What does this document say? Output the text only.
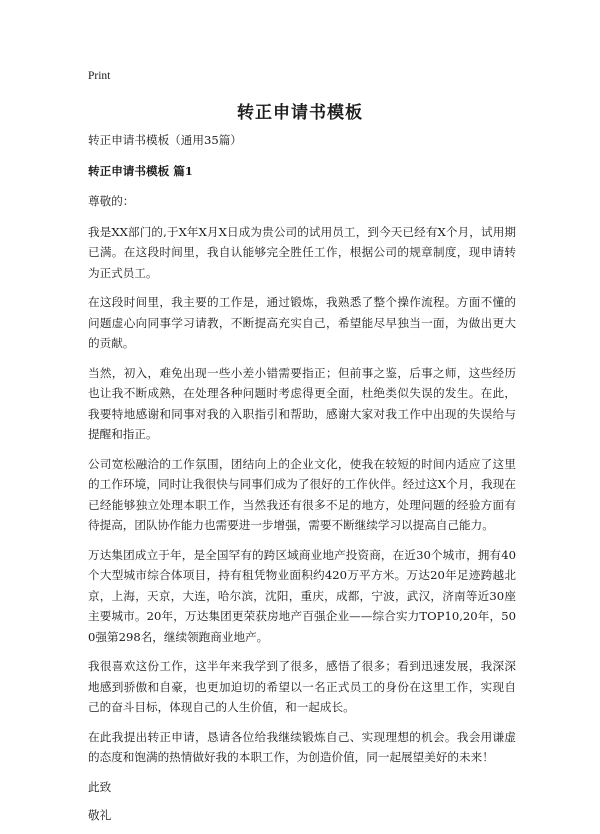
Print
转正申请书模板

转正申请书模板（通用35篇）

转正申请书模板 篇1

尊敬的：

我是XX部门的,于X年X月X日成为贵公司的试用员工，到今天已经有X个月，试用期已满。在这段时间里，我自认能够完全胜任工作，根据公司的规章制度，现申请转为正式员工。

在这段时间里，我主要的工作是，通过锻炼，我熟悉了整个操作流程。方面不懂的问题虚心向同事学习请教，不断提高充实自己，希望能尽早独当一面，为做出更大的贡献。

当然，初入，难免出现一些小差小错需要指正；但前事之鉴，后事之师，这些经历也让我不断成熟，在处理各种问题时考虑得更全面，杜绝类似失误的发生。在此，我要特地感谢和同事对我的入职指引和帮助，感谢大家对我工作中出现的失误给与提醒和指正。

公司宽松融洽的工作氛围，团结向上的企业文化，使我在较短的时间内适应了这里的工作环境，同时让我很快与同事们成为了很好的工作伙伴。经过这X个月，我现在已经能够独立处理本职工作，当然我还有很多不足的地方，处理问题的经验方面有待提高，团队协作能力也需要进一步增强，需要不断继续学习以提高自己能力。

万达集团成立于年，是全国罕有的跨区域商业地产投资商，在近30个城市，拥有40个大型城市综合体项目，持有租凭物业面积约420万平方米。万达20年足迹跨越北京，上海，天京，大连，哈尔滨，沈阳，重庆，成都，宁波，武汉，济南等近30座主要城市。20年，万达集团更荣获房地产百强企业——综合实力TOP10,20年，500强第298名，继续领跑商业地产。

我很喜欢这份工作，这半年来我学到了很多，感悟了很多；看到迅速发展，我深深地感到骄傲和自豪，也更加迫切的希望以一名正式员工的身份在这里工作，实现自己的奋斗目标，体现自己的人生价值，和一起成长。

在此我提出转正申请，恳请各位给我继续锻炼自己、实现理想的机会。我会用谦虚的态度和饱满的热情做好我的本职工作，为创造价值，同一起展望美好的未来！

此致

敬礼
